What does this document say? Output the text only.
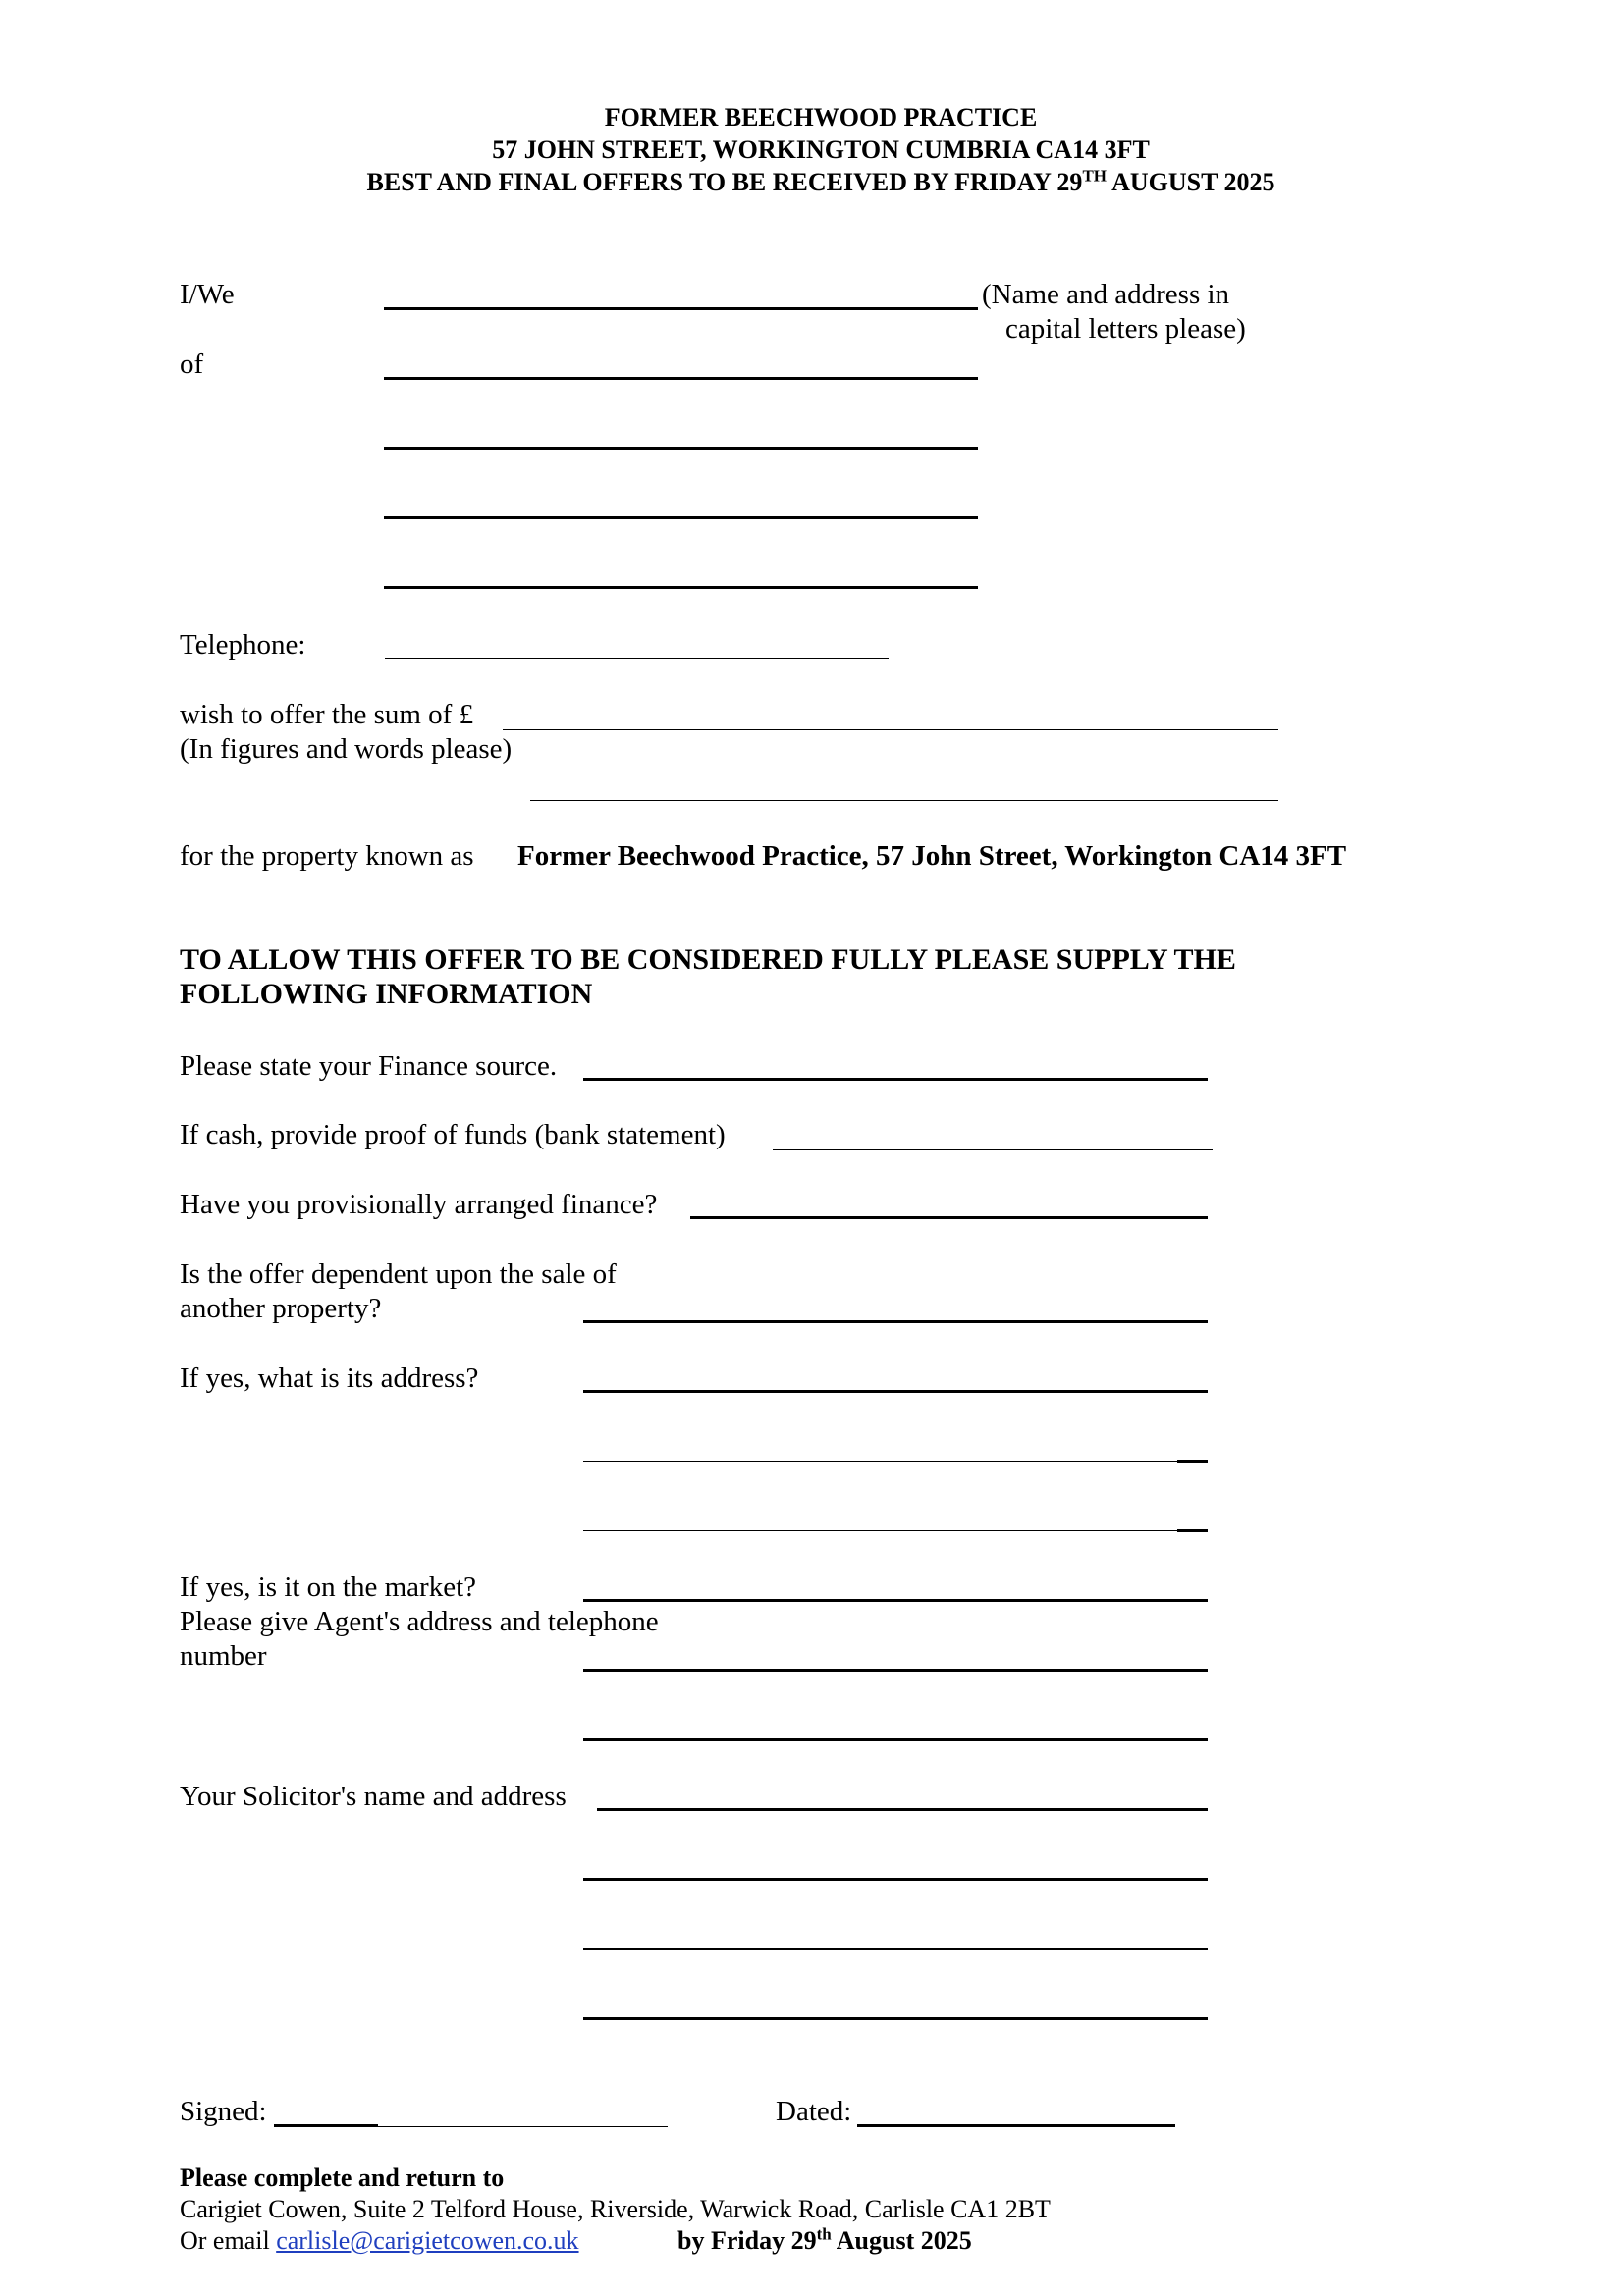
FORMER BEECHWOOD PRACTICE
57 JOHN STREET, WORKINGTON CUMBRIA CA14 3FT
BEST AND FINAL OFFERS TO BE RECEIVED BY FRIDAY 29TH AUGUST 2025
I/We	(Name and address in
capital letters please)
of
Telephone:
wish to offer the sum of £
(In figures and words please)
for the property known as Former Beechwood Practice, 57 John Street, Workington CA14 3FT
TO ALLOW THIS OFFER TO BE CONSIDERED FULLY PLEASE SUPPLY THE
FOLLOWING INFORMATION
Please state your Finance source.
If cash, provide proof of funds (bank statement)
Have you provisionally arranged finance?
Is the offer dependent upon the sale of
another property?
If yes, what is its address?
If yes, is it on the market?
Please give Agent's address and telephone
number
Your Solicitor's name and address
Signed:	Dated:
Please complete and return to
Carigiet Cowen, Suite 2 Telford House, Riverside, Warwick Road, Carlisle CA1 2BT
Or email carlisle@carigietcowen.co.uk	by Friday 29th August 2025
